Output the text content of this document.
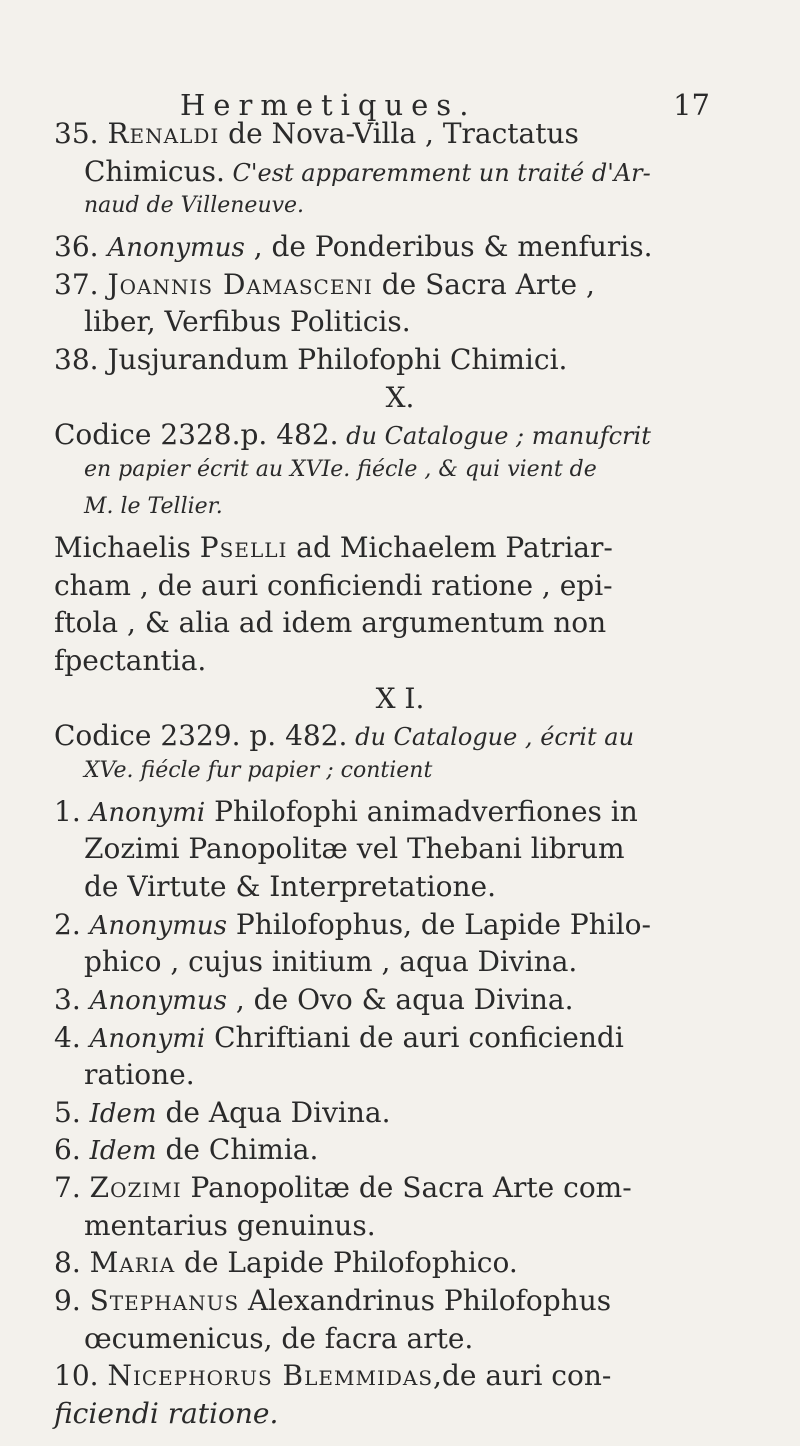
Hermetiques.	17
35. Renaldi de Nova-Villa , Tractatus
Chimicus. C'est apparemment un traité d'Ar-
naud de Villeneuve.
36. Anonymus , de Ponderibus & menfuris.
37. Joannis Damasceni de Sacra Arte ,
liber, Verfibus Politicis.
38. Jusjurandum Philofophi Chimici.
X.
Codice 2328.p. 482. du Catalogue ; manufcrit
en papier écrit au XVIe. fiécle , & qui vient de
M. le Tellier.
Michaelis Pselli ad Michaelem Patriar-
cham , de auri conficiendi ratione , epi-
ftola , & alia ad idem argumentum non
fpectantia.
X I.
Codice 2329. p. 482. du Catalogue , écrit au
XVe. fiécle fur papier ; contient
1. Anonymi Philofophi animadverfiones in
Zozimi Panopolitæ vel Thebani librum
de Virtute & Interpretatione.
2. Anonymus Philofophus, de Lapide Philo-
phico , cujus initium , aqua Divina.
3. Anonymus , de Ovo & aqua Divina.
4. Anonymi Chriftiani de auri conficiendi
ratione.
5. Idem de Aqua Divina.
6. Idem de Chimia.
7. Zozimi Panopolitæ de Sacra Arte com-
mentarius genuinus.
8. Maria de Lapide Philofophico.
9. Stephanus Alexandrinus Philofophus
œcumenicus, de facra arte.
10. Nicephorus Blemmidas,de auri con-
ficiendi ratione.
